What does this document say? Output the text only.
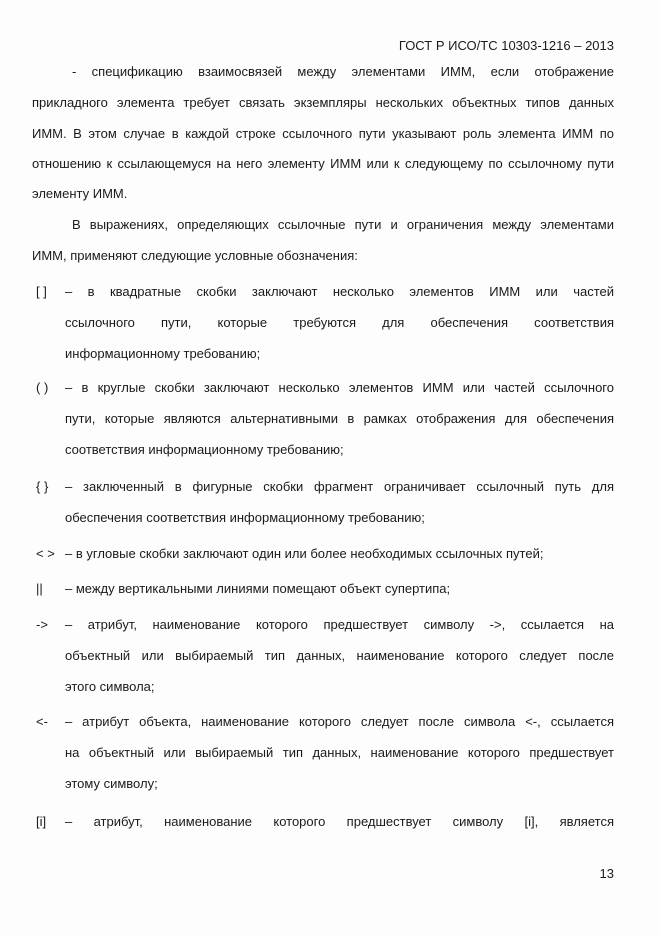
ГОСТ Р ИСО/ТС 10303-1216 – 2013
- спецификацию взаимосвязей между элементами ИММ, если отображение
прикладного элемента требует связать экземпляры нескольких объектных типов данных
ИММ. В этом случае в каждой строке ссылочного пути указывают роль элемента ИММ по
отношению к ссылающемуся на него элементу ИММ или к следующему по ссылочному пути
элементу ИММ.
В выражениях, определяющих ссылочные пути и ограничения между элементами
ИММ, применяют следующие условные обозначения:
[ ] – в квадратные скобки заключают несколько элементов ИММ или частей
ссылочного пути, которые требуются для обеспечения соответствия
информационному требованию;
( ) – в круглые скобки заключают несколько элементов ИММ или частей ссылочного
пути, которые являются альтернативными в рамках отображения для обеспечения
соответствия информационному требованию;
{ } – заключенный в фигурные скобки фрагмент ограничивает ссылочный путь для
обеспечения соответствия информационному требованию;
< > – в угловые скобки заключают один или более необходимых ссылочных путей;
|| – между вертикальными линиями помещают объект супертипа;
-> – атрибут, наименование которого предшествует символу ->, ссылается на
объектный или выбираемый тип данных, наименование которого следует после
этого символа;
<- – атрибут объекта, наименование которого следует после символа <-, ссылается
на объектный или выбираемый тип данных, наименование которого предшествует
этому символу;
[i] – атрибут, наименование которого предшествует символу [i], является
13
